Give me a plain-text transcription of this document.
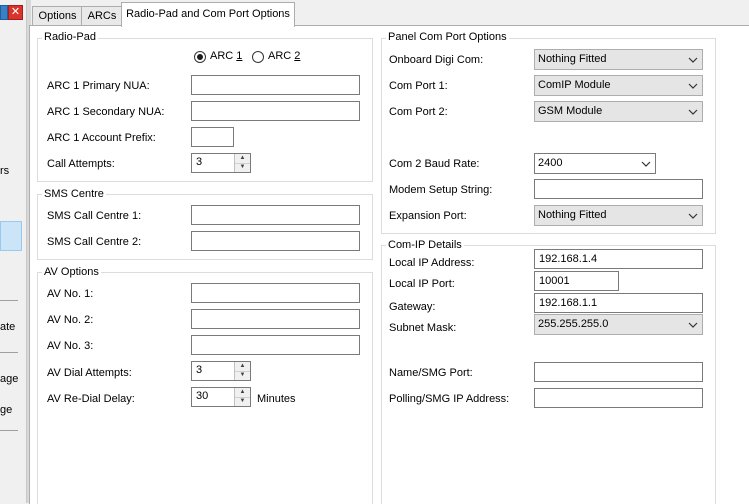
✕
rs
ate
age
ge
Options	ARCs Radio-Pad and Com Port Options
Radio-Pad
ARC 1 ARC 2
ARC 1 Primary NUA:
ARC 1 Secondary NUA:
ARC 1 Account Prefix:
Call Attempts:	3	▲
▼
SMS Centre
SMS Call Centre 1:
SMS Call Centre 2:
AV Options
AV No. 1:
AV No. 2:
AV No. 3:
AV Dial Attempts:	3	▲
▼
AV Re-Dial Delay:	30	▲
▼	Minutes
Panel Com Port Options
Onboard Digi Com:	Nothing Fitted
Com Port 1:	ComIP Module
Com Port 2:	GSM Module
Com 2 Baud Rate:	2400
Modem Setup String:
Expansion Port:	Nothing Fitted
Com-IP Details
Local IP Address:	192.168.1.4
Local IP Port:	10001
Gateway:	192.168.1.1
Subnet Mask:	255.255.255.0
Name/SMG Port:
Polling/SMG IP Address:
